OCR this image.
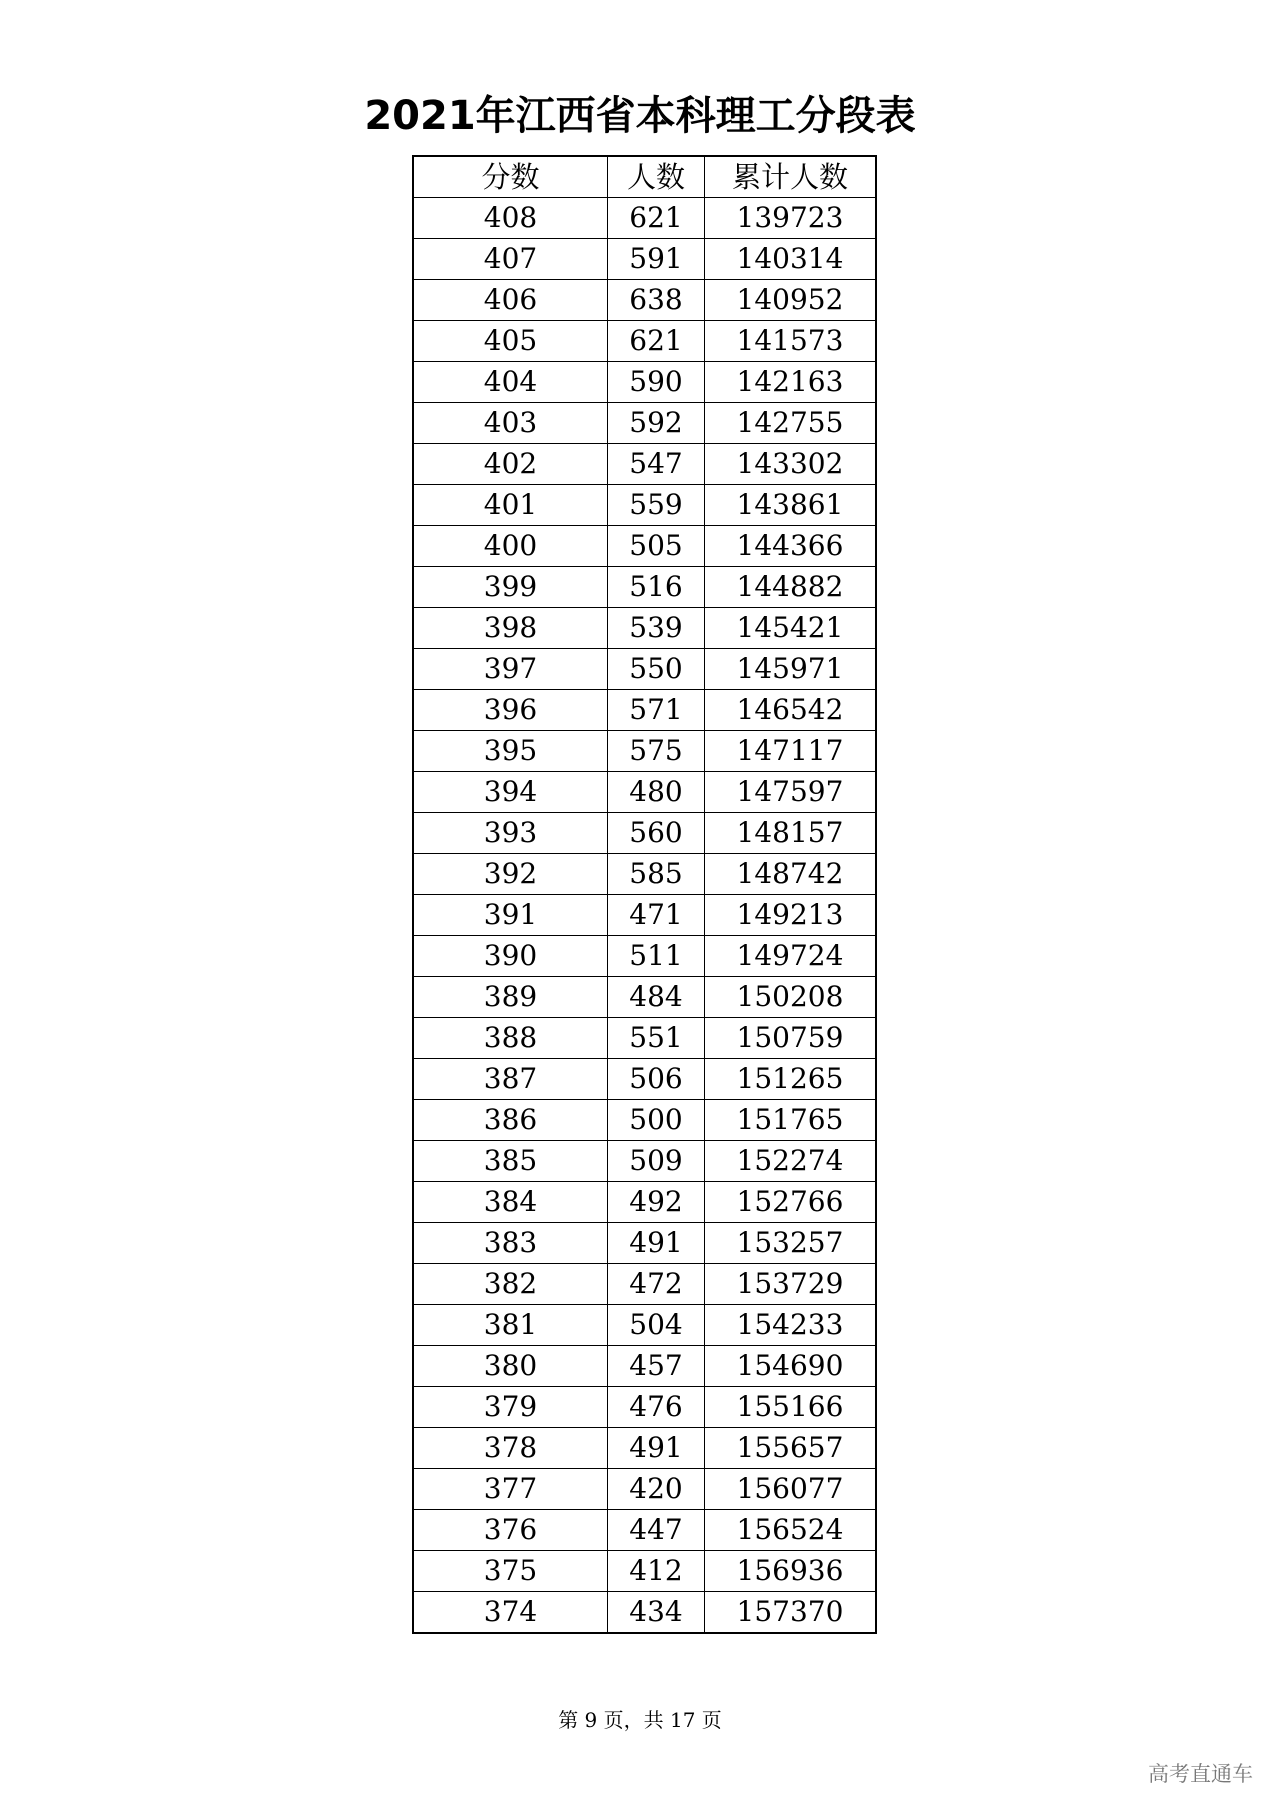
2021年江西省本科理工分段表
分数	人数	累计人数
408	621	139723
407	591	140314
406	638	140952
405	621	141573
404	590	142163
403	592	142755
402	547	143302
401	559	143861
400	505	144366
399	516	144882
398	539	145421
397	550	145971
396	571	146542
395	575	147117
394	480	147597
393	560	148157
392	585	148742
391	471	149213
390	511	149724
389	484	150208
388	551	150759
387	506	151265
386	500	151765
385	509	152274
384	492	152766
383	491	153257
382	472	153729
381	504	154233
380	457	154690
379	476	155166
378	491	155657
377	420	156077
376	447	156524
375	412	156936
374	434	157370
第 9 页，共 17 页
高考直通车
